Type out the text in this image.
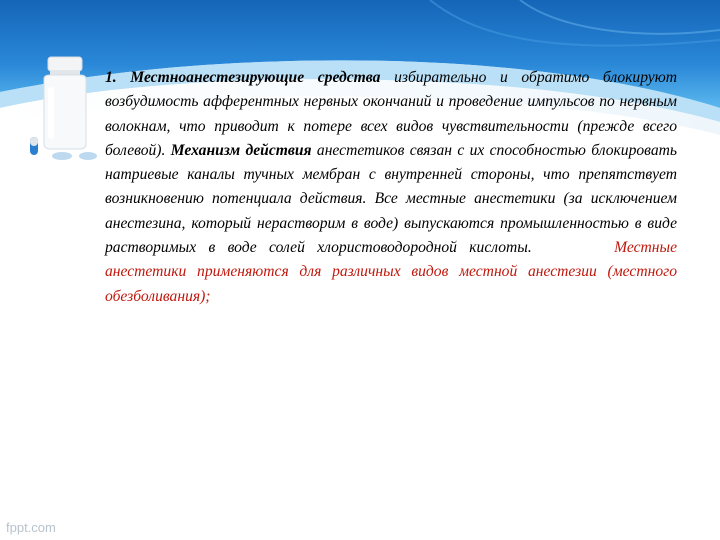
1. Местноанестезирующие средства избирательно и обратимо блокируют возбудимость афферентных нервных окончаний и проведение импульсов по нервным волокнам, что приводит к потере всех видов чувствительности (прежде всего болевой). Механизм действия анестетиков связан с их способностью блокировать натриевые каналы тучных мембран с внутренней стороны, что препятствует возникновению потенциала действия. Все местные анестетики (за исключением анестезина, который нерастворим в воде) выпускаются промышленностью в виде растворимых в воде солей хлористоводородной кислоты.	Местные анестетики применяются для различных видов местной анестезии (местного обезболивания);
fppt.com
